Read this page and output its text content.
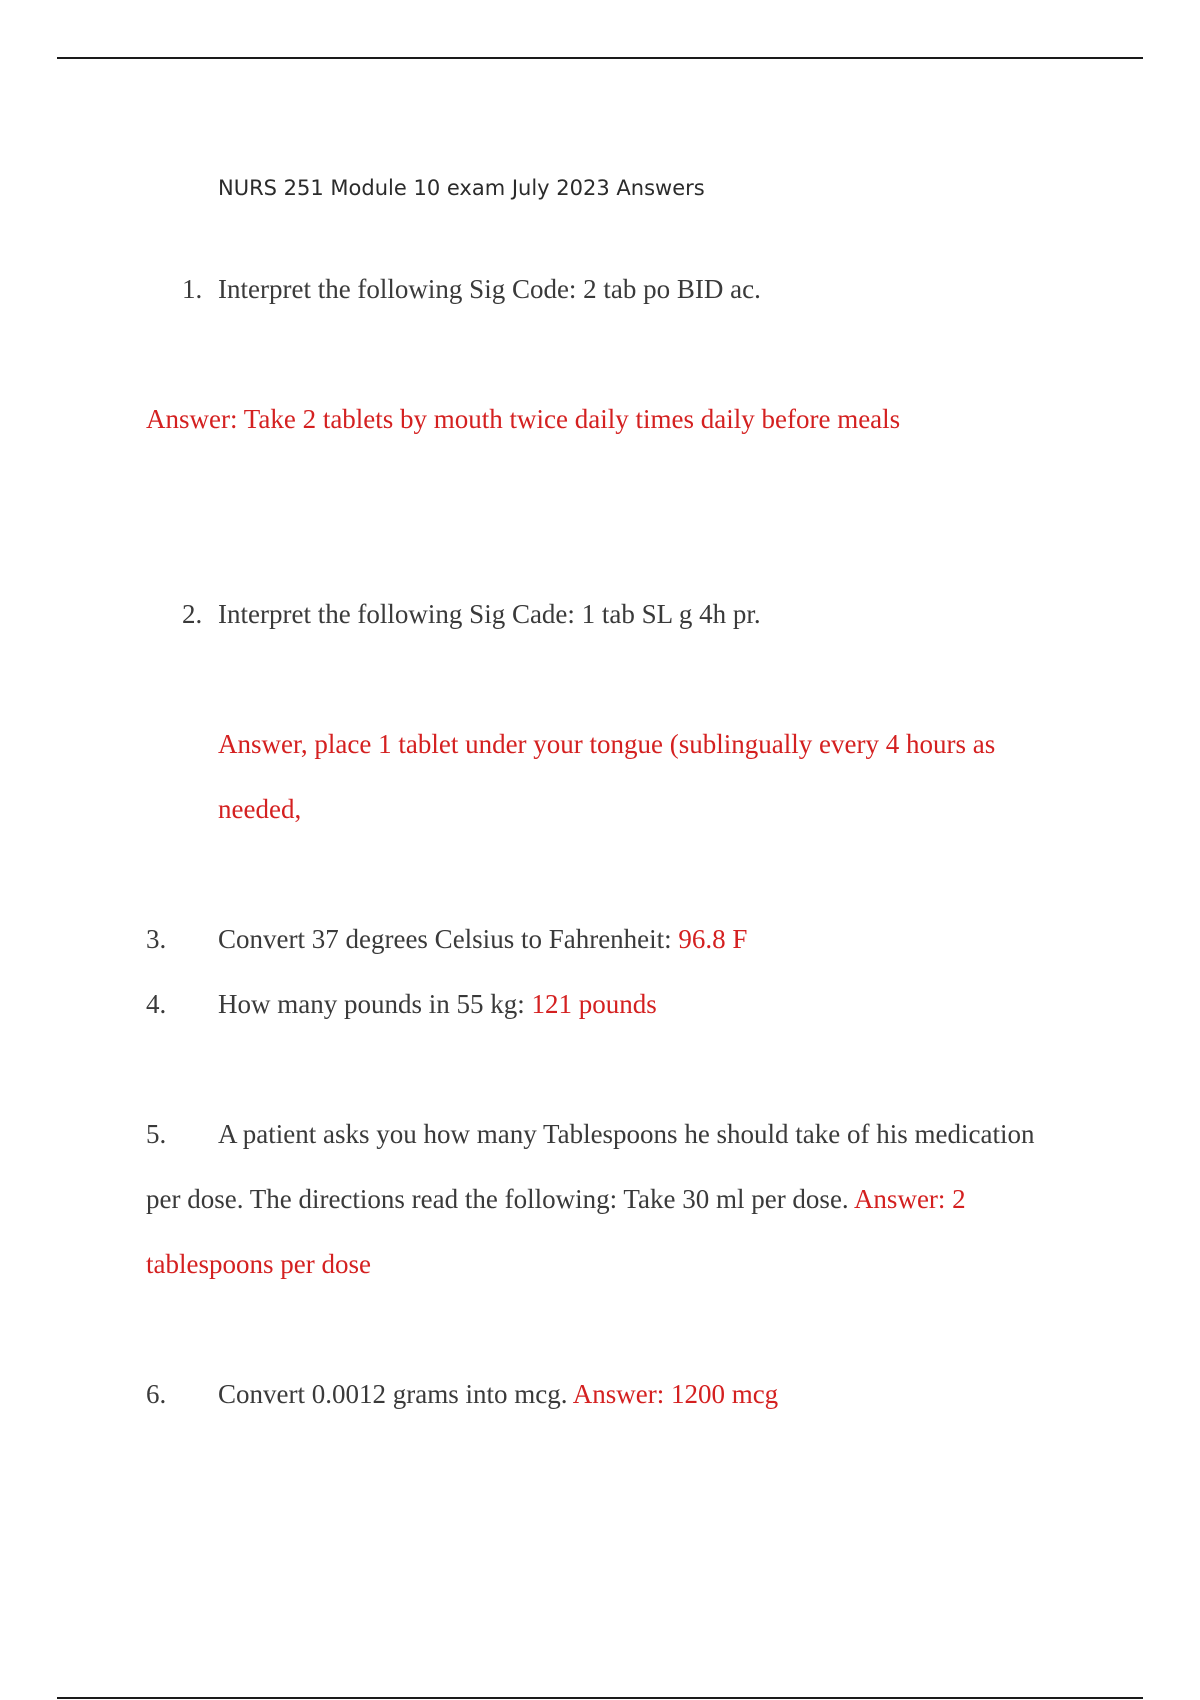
NURS 251 Module 10 exam July 2023 Answers
1. Interpret the following Sig Code: 2 tab po BID ac.
Answer: Take 2 tablets by mouth twice daily times daily before meals
2. Interpret the following Sig Cade: 1 tab SL g 4h pr.
Answer, place 1 tablet under your tongue (sublingually every 4 hours as
needed,
3. Convert 37 degrees Celsius to Fahrenheit: 96.8 F
4. How many pounds in 55 kg: 121 pounds
5. A patient asks you how many Tablespoons he should take of his medication
per dose. The directions read the following: Take 30 ml per dose. Answer: 2
tablespoons per dose
6. Convert 0.0012 grams into mcg. Answer: 1200 mcg
